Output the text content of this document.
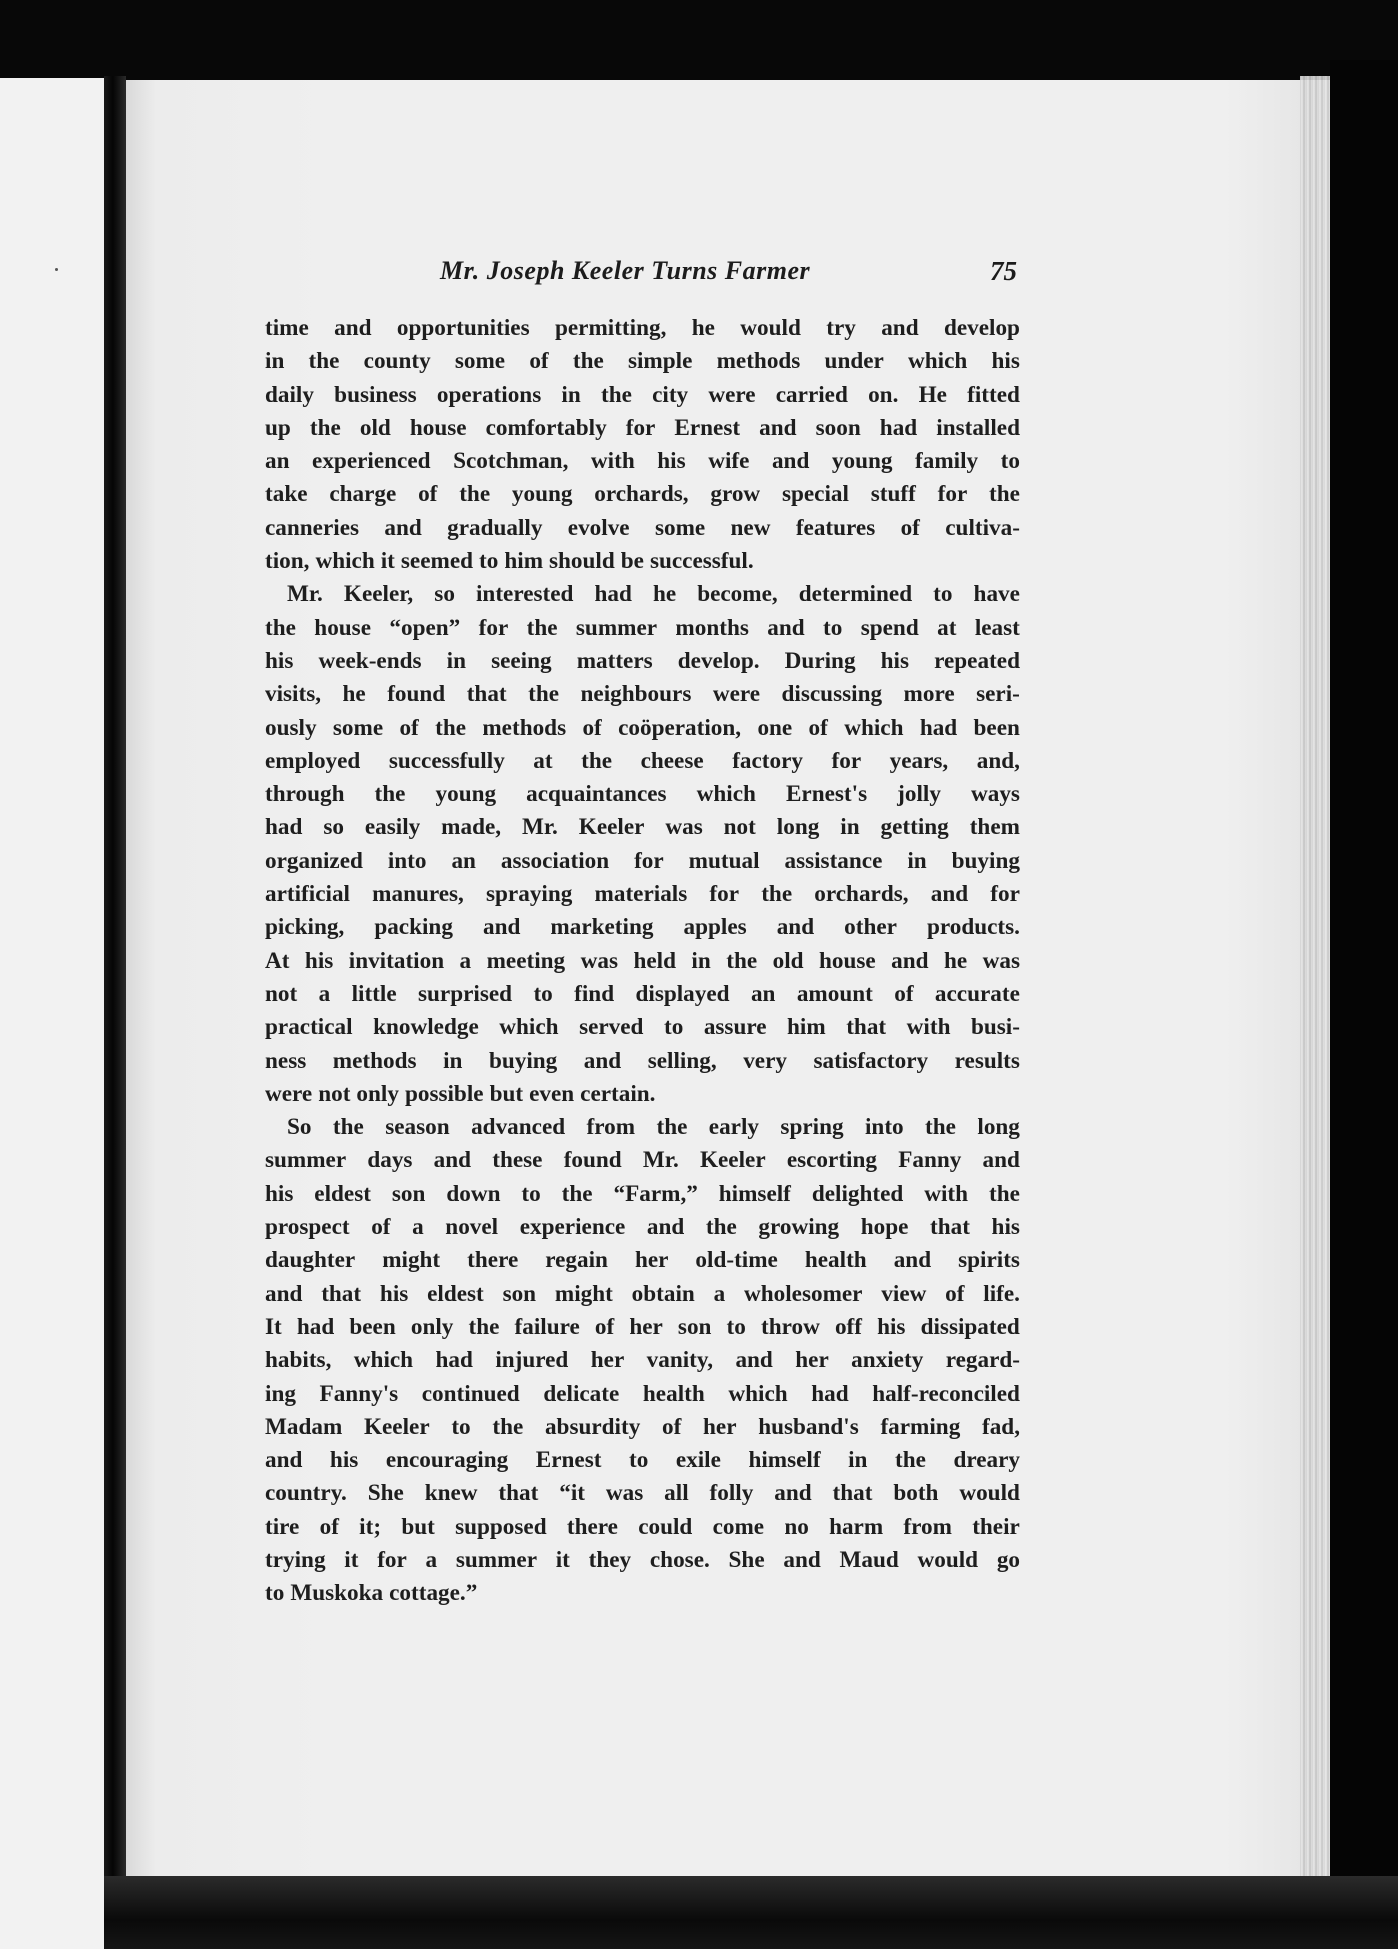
Mr. Joseph Keeler Turns Farmer	75
time and opportunities permitting, he would try and develop
in the county some of the simple methods under which his
daily business operations in the city were carried on. He fitted
up the old house comfortably for Ernest and soon had installed
an experienced Scotchman, with his wife and young family to
take charge of the young orchards, grow special stuff for the
canneries and gradually evolve some new features of cultiva-
tion, which it seemed to him should be successful.
Mr. Keeler, so interested had he become, determined to have
the house “open” for the summer months and to spend at least
his week-ends in seeing matters develop. During his repeated
visits, he found that the neighbours were discussing more seri-
ously some of the methods of coöperation, one of which had been
employed successfully at the cheese factory for years, and,
through the young acquaintances which Ernest's jolly ways
had so easily made, Mr. Keeler was not long in getting them
organized into an association for mutual assistance in buying
artificial manures, spraying materials for the orchards, and for
picking, packing and marketing apples and other products.
At his invitation a meeting was held in the old house and he was
not a little surprised to find displayed an amount of accurate
practical knowledge which served to assure him that with busi-
ness methods in buying and selling, very satisfactory results
were not only possible but even certain.
So the season advanced from the early spring into the long
summer days and these found Mr. Keeler escorting Fanny and
his eldest son down to the “Farm,” himself delighted with the
prospect of a novel experience and the growing hope that his
daughter might there regain her old-time health and spirits
and that his eldest son might obtain a wholesomer view of life.
It had been only the failure of her son to throw off his dissipated
habits, which had injured her vanity, and her anxiety regard-
ing Fanny's continued delicate health which had half-reconciled
Madam Keeler to the absurdity of her husband's farming fad,
and his encouraging Ernest to exile himself in the dreary
country. She knew that “it was all folly and that both would
tire of it; but supposed there could come no harm from their
trying it for a summer it they chose. She and Maud would go
to Muskoka cottage.”
